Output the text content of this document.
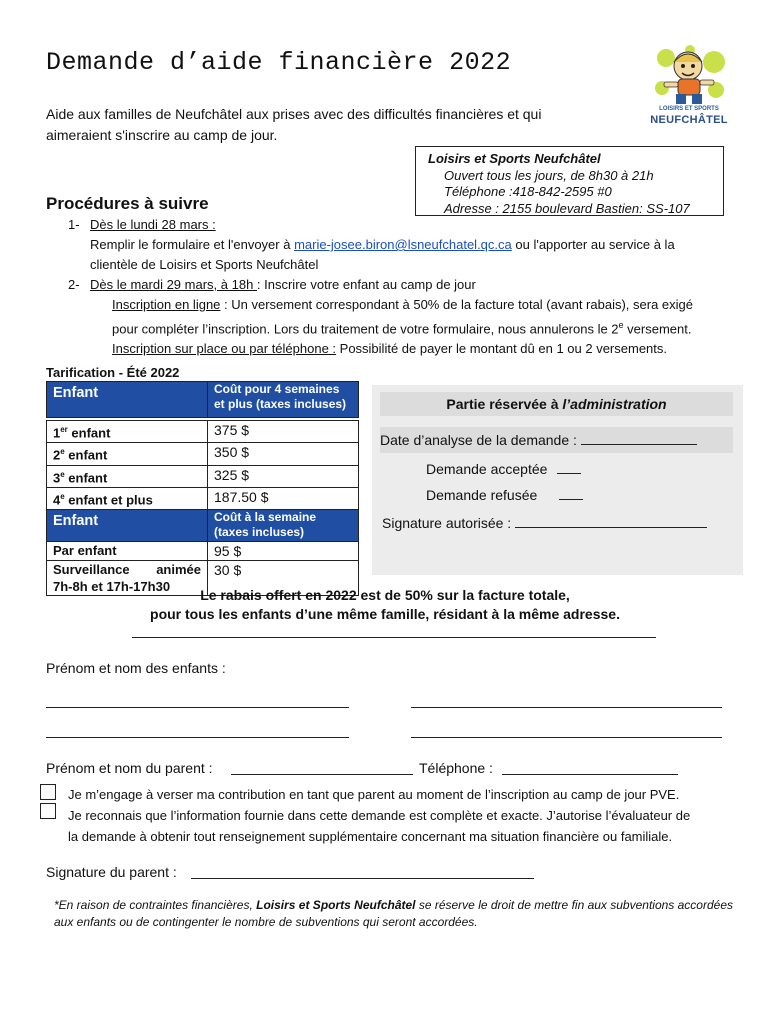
Demande d’aide financière 2022
Aide aux familles de Neufchâtel aux prises avec des difficultés financières et qui aimeraient s'inscrire au camp de jour.
LOISIRS ET SPORTS
NEUFCHÂTEL
Loisirs et Sports Neufchâtel
Ouvert tous les jours, de 8h30 à 21h
Téléphone :418-842-2595 #0
Adresse : 2155 boulevard Bastien: SS-107
Procédures à suivre
1- Dès le lundi 28 mars :
Remplir le formulaire et l'envoyer à marie-josee.biron@lsneufchatel.qc.ca ou l'apporter au service à la
clientèle de Loisirs et Sports Neufchâtel
2- Dès le mardi 29 mars, à 18h : Inscrire votre enfant au camp de jour
Inscription en ligne : Un versement correspondant à 50% de la facture total (avant rabais), sera exigé
pour compléter l’inscription. Lors du traitement de votre formulaire, nous annulerons le 2e versement.
Inscription sur place ou par téléphone : Possibilité de payer le montant dû en 1 ou 2 versements.
Tarification - Été 2022
Enfant	Coût pour 4 semaines et plus (taxes incluses)

1er enfant	375 $
2e enfant	350 $
3e enfant	325 $
4e enfant et plus	187.50 $
Enfant	Coût à la semaine (taxes incluses)
Par enfant	95 $

Surveillance animée
7h-8h et 17h-17h30	30 $
Partie réservée à l’administration
Date d’analyse de la demande :
Demande acceptée
Demande refusée
Signature autorisée :
Le rabais offert en 2022 est de 50% sur la facture totale,
pour tous les enfants d’une même famille, résidant à la même adresse.
Prénom et nom des enfants :
Prénom et nom du parent :	Téléphone :
Je m’engage à verser ma contribution en tant que parent au moment de l’inscription au camp de jour PVE.
Je reconnais que l’information fournie dans cette demande est complète et exacte. J’autorise l’évaluateur de
la demande à obtenir tout renseignement supplémentaire concernant ma situation financière ou familiale.
Signature du parent :
*En raison de contraintes financières, Loisirs et Sports Neufchâtel se réserve le droit de mettre fin aux subventions accordées aux enfants ou de contingenter le nombre de subventions qui seront accordées.
